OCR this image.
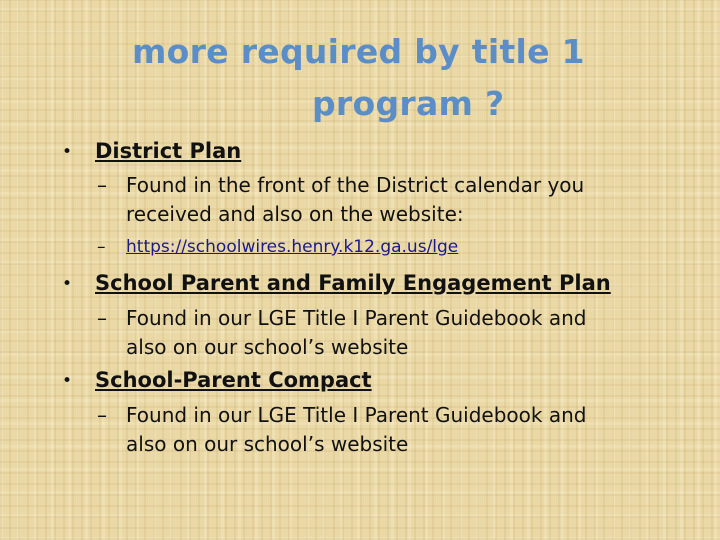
more required by title 1
program ?
• District Plan
– Found in the front of the District calendar you
received and also on the website:
– https://schoolwires.henry.k12.ga.us/lge
• School Parent and Family Engagement Plan
– Found in our LGE Title I Parent Guidebook and
also on our school’s website
• School-Parent Compact
– Found in our LGE Title I Parent Guidebook and
also on our school’s website
